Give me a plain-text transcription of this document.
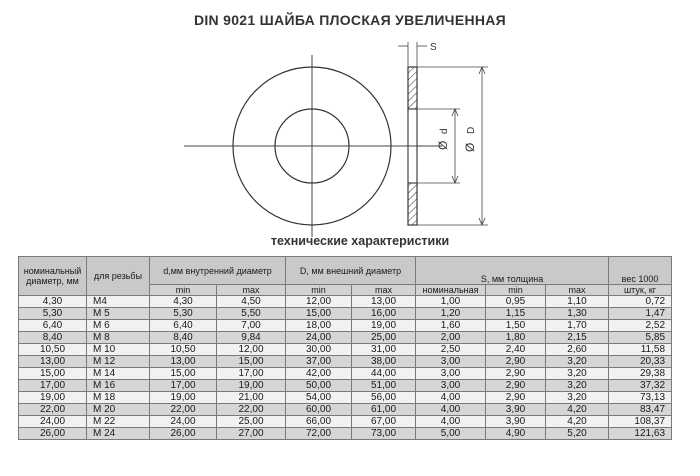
DIN 9021 ШАЙБА ПЛОСКАЯ УВЕЛИЧЕННАЯ
S
Ø
d
Ø
D
технические характеристики
номинальный диаметр, мм	для резьбы	d,мм внутренний диаметр		D, мм внешний диаметр		S, мм толщина			вес 1000
		min	max	min	max	номинальная	min	max	штук, кг
4,30	M4	4,30	4,50	12,00	13,00	1,00	0,95	1,10	0,72
5,30	M 5	5,30	5,50	15,00	16,00	1,20	1,15	1,30	1,47
6,40	M 6	6,40	7,00	18,00	19,00	1,60	1,50	1,70	2,52
8,40	M 8	8,40	9,84	24,00	25,00	2,00	1,80	2,15	5,85
10,50	M 10	10,50	12,00	30,00	31,00	2,50	2,40	2,60	11,58
13,00	M 12	13,00	15,00	37,00	38,00	3,00	2,90	3,20	20,33
15,00	M 14	15,00	17,00	42,00	44,00	3,00	2,90	3,20	29,38
17,00	M 16	17,00	19,00	50,00	51,00	3,00	2,90	3,20	37,32
19,00	M 18	19,00	21,00	54,00	56,00	4,00	2,90	3,20	73,13
22,00	M 20	22,00	22,00	60,00	61,00	4,00	3,90	4,20	83,47
24,00	M 22	24,00	25,00	66,00	67,00	4,00	3,90	4,20	108,37
26,00	M 24	26,00	27,00	72,00	73,00	5,00	4,90	5,20	121,63
